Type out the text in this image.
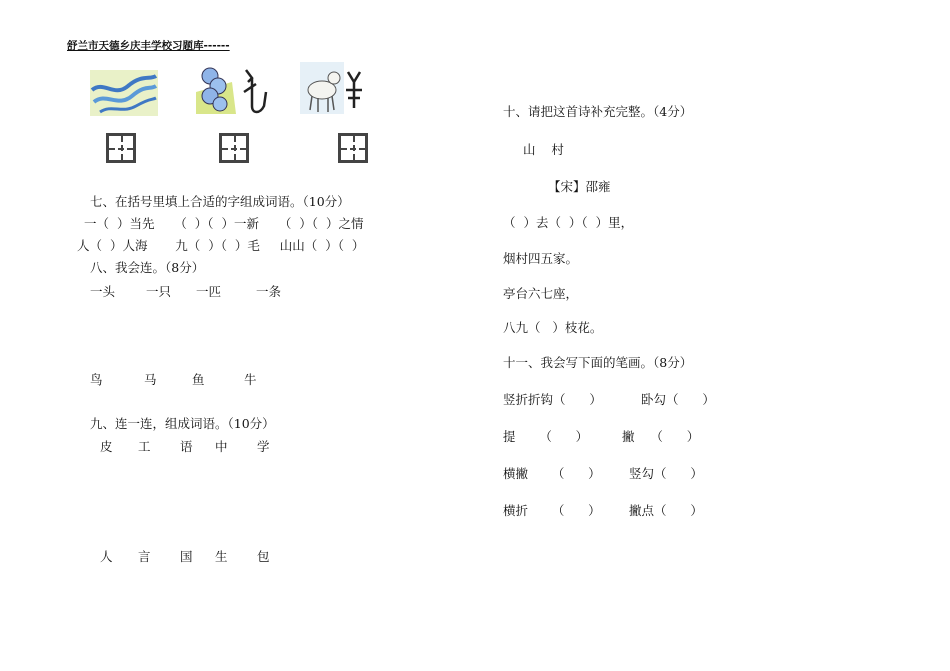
舒兰市天德乡庆丰学校习题库------
七、在括号里填上合适的字组成词语。（10分）
一（  ）当先     （  ）（  ）一新     （  ）（  ）之情
人（  ）人海       九（  ）（  ）毛     山山（  ）（  ）
八、我会连。（8分）
一头 一只 一匹	一条
鸟	马	鱼	牛
九、连一连，组成词语。（10分）
皮 工 语 中 学
人 言 国 生 包
十、请把这首诗补充完整。（4分）
山    村
【宋】邵雍
（  ）去（  ）（  ）里，
烟村四五家。
亭台六七座，
八九（   ）枝花。
十一、我会写下面的笔画。（8分）
竖折折钩（      ）	卧勾（      ）
提      （      ）	撇    （      ）
横撇      （      ） 竖勾（      ）
横折      （      ） 撇点（      ）
